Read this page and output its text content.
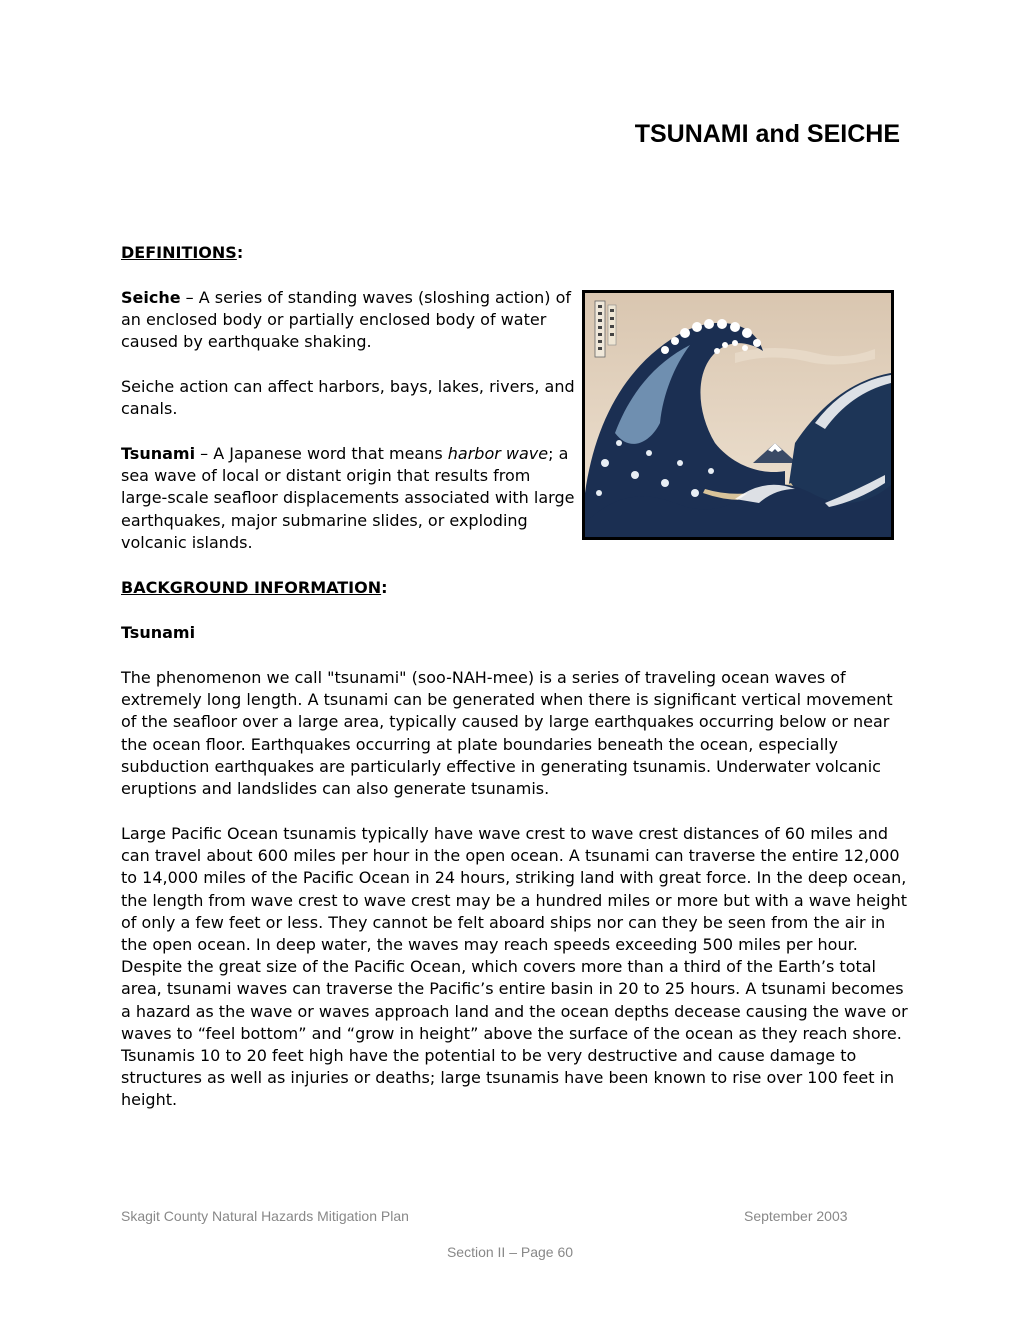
TSUNAMI and SEICHE
DEFINITIONS:

Seiche – A series of standing waves (sloshing action) of an enclosed body or partially enclosed body of water caused by earthquake shaking.

Seiche action can affect harbors, bays, lakes, rivers, and canals.

Tsunami – A Japanese word that means harbor wave; a sea wave of local or distant origin that results from large-scale seafloor displacements associated with large earthquakes, major submarine slides, or exploding volcanic islands.

BACKGROUND INFORMATION:
Tsunami

The phenomenon we call "tsunami" (soo-NAH-mee) is a series of traveling ocean waves of extremely long length. A tsunami can be generated when there is significant vertical movement of the seafloor over a large area, typically caused by large earthquakes occurring below or near the ocean floor. Earthquakes occurring at plate boundaries beneath the ocean, especially subduction earthquakes are particularly effective in generating tsunamis. Underwater volcanic eruptions and landslides can also generate tsunamis.

Large Pacific Ocean tsunamis typically have wave crest to wave crest distances of 60 miles and can travel about 600 miles per hour in the open ocean. A tsunami can traverse the entire 12,000 to 14,000 miles of the Pacific Ocean in 24 hours, striking land with great force. In the deep ocean, the length from wave crest to wave crest may be a hundred miles or more but with a wave height of only a few feet or less. They cannot be felt aboard ships nor can they be seen from the air in the open ocean. In deep water, the waves may reach speeds exceeding 500 miles per hour. Despite the great size of the Pacific Ocean, which covers more than a third of the Earth’s total area, tsunami waves can traverse the Pacific’s entire basin in 20 to 25 hours. A tsunami becomes a hazard as the wave or waves approach land and the ocean depths decease causing the wave or waves to “feel bottom” and “grow in height” above the surface of the ocean as they reach shore. Tsunamis 10 to 20 feet high have the potential to be very destructive and cause damage to structures as well as injuries or deaths; large tsunamis have been known to rise over 100 feet in height.

Skagit County Natural Hazards Mitigation Plan	September 2003
Section II – Page 60
